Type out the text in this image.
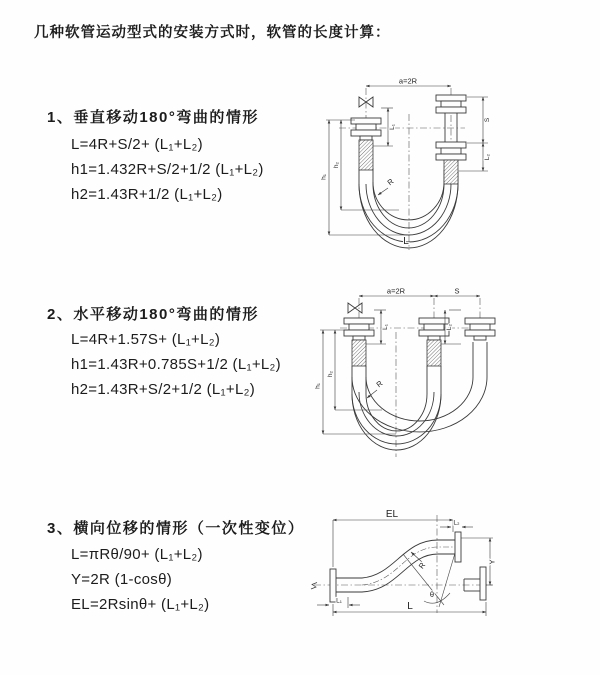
几种软管运动型式的安装方式时，软管的长度计算：
1、垂直移动180°弯曲的情形
L=4R+S/2+ (L₁+L₂)
h1=1.432R+S/2+1/2 (L₁+L₂)
h2=1.43R+1/2 (L₁+L₂)
a=2R
h₁
h₂
L₁
S
L₂
R
L
2、水平移动180°弯曲的情形
L=4R+1.57S+ (L₁+L₂)
h1=1.43R+0.785S+1/2 (L₁+L₂)
h2=1.43R+S/2+1/2 (L₁+L₂)
a=2R	S
h₁
h₂
L₁	L₂
R
3、横向位移的情形（一次性变位）
L=πRθ/90+ (L₁+L₂)
Y=2R (1-cosθ)
EL=2Rsinθ+ (L₁+L₂)
EL
L₂
Y
R
θ
L
L₁
